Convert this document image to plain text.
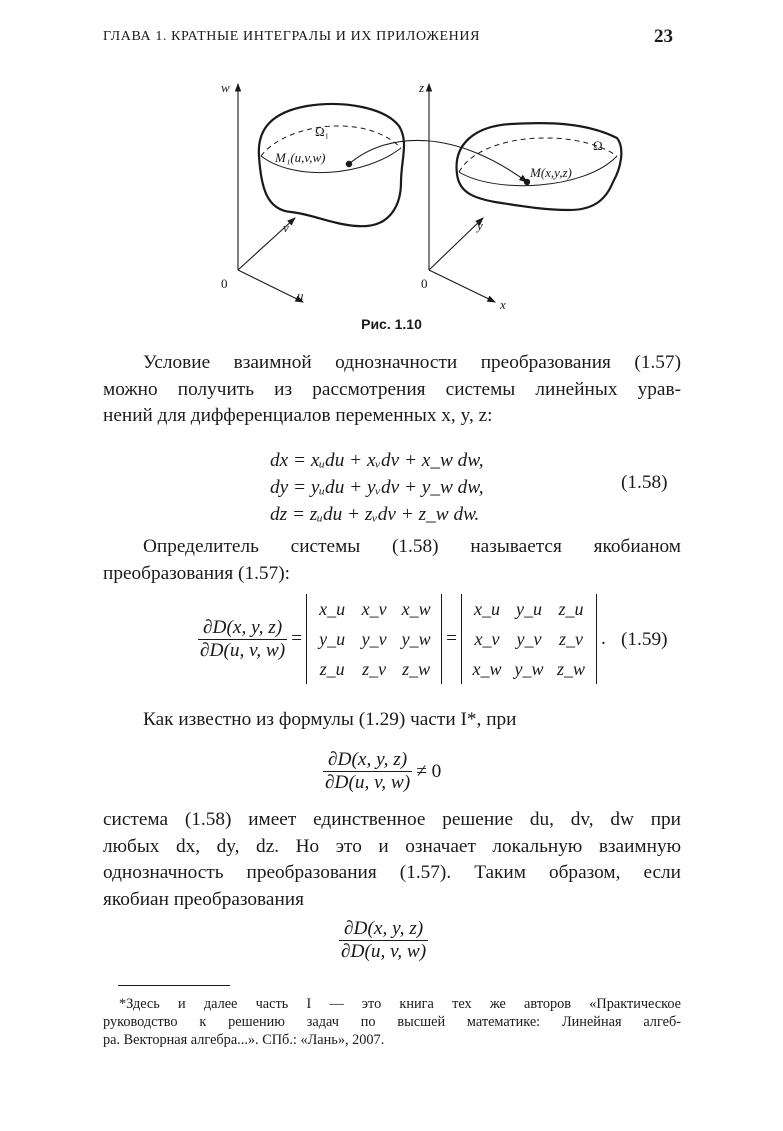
ГЛАВА 1. КРАТНЫЕ ИНТЕГРАЛЫ И ИХ ПРИЛОЖЕНИЯ	23
w
v
u
0
z
y
x
0
Ω₁
M₁(u,v,w)
Ω
M(x,y,z)
Рис. 1.10
Условие взаимной однозначности преобразования (1.57)
можно получить из рассмотрения системы линейных урав-
нений для дифференциалов переменных x, y, z:
dx = xᵤdu + xᵥdv + x_w dw,
dy = yᵤdu + yᵥdv + y_w dw,
dz = zᵤdu + zᵥdv + z_w dw.
(1.58)
Определитель системы (1.58) называется якобианом
преобразования (1.57):
$\frac{\partial D(x, y, z)}{\partial D(u, v, w)}$ =
x_u	x_v	x_w
y_u	y_v	y_w
z_u	z_v	z_w
=
x_u	y_u	z_u
x_v	y_v	z_v
x_w	y_w	z_w
. (1.59)
Как известно из формулы (1.29) части I*, при
$\frac{\partial D(x, y, z)}{\partial D(u, v, w)} \ne 0$
система (1.58) имеет единственное решение du, dv, dw при
любых dx, dy, dz. Но это и означает локальную взаимную
однозначность преобразования (1.57). Таким образом, если
якобиан преобразования
$\frac{\partial D(x, y, z)}{\partial D(u, v, w)}$
*Здесь и далее часть I — это книга тех же авторов «Практическое
руководство к решению задач по высшей математике: Линейная алгеб-
ра. Векторная алгебра...». СПб.: «Лань», 2007.
